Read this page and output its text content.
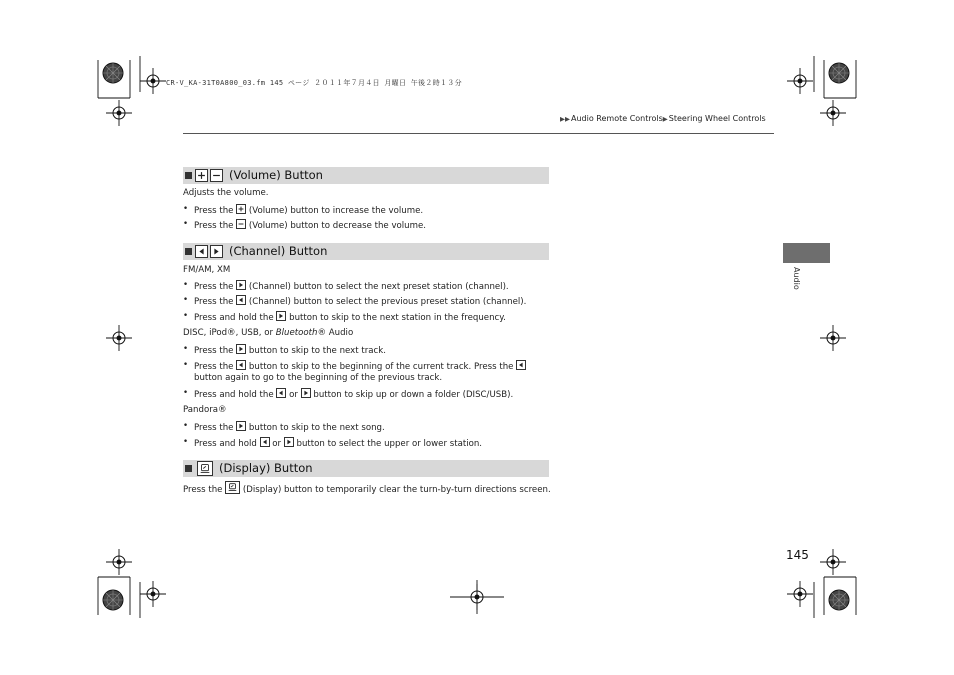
CR-V_KA-31T0A800_03.fm 145 ページ ２０１１年７月４日 月曜日 午後２時１３分
▶▶Audio Remote Controls▶Steering Wheel Controls
(Volume) Button
Adjusts the volume.
• Press the (Volume) button to increase the volume.
• Press the (Volume) button to decrease the volume.
(Channel) Button
FM/AM, XM
• Press the (Channel) button to select the next preset station (channel).
• Press the (Channel) button to select the previous preset station (channel).
• Press and hold the button to skip to the next station in the frequency.
DISC, iPod®, USB, or Bluetooth® Audio
• Press the button to skip to the next track.
• Press the button to skip to the beginning of the current track. Press the
button again to go to the beginning of the previous track.
• Press and hold the or button to skip up or down a folder (DISC/USB).
Pandora®
• Press the button to skip to the next song.
• Press and hold or button to select the upper or lower station.
(Display) Button
Press the (Display) button to temporarily clear the turn-by-turn directions screen.
Audio
145
